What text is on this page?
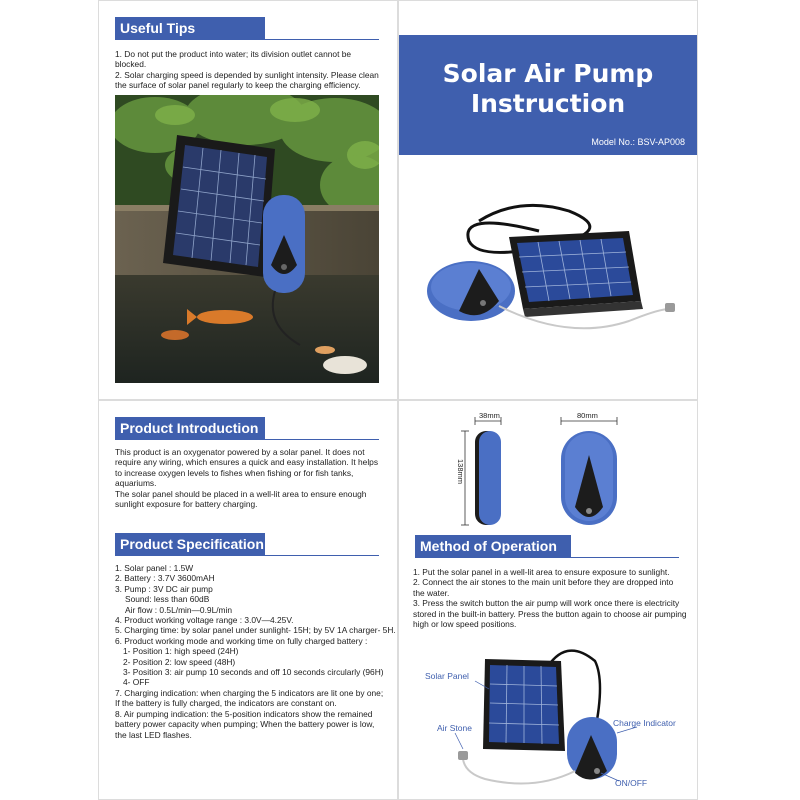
Useful Tips
1. Do not put the product into water; its division outlet cannot be blocked.
2. Solar charging speed is depended by sunlight intensity. Please clean
the surface of solar panel regularly to keep the charging efficiency.	Solar Air Pump
Instruction
Model No.: BSV-AP008
Product Introduction
This product is an oxygenator powered by a solar panel. It does not
require any wiring, which ensures a quick and easy installation. It helps
to increase oxygen levels to fishes when fishing or for fish tanks, aquariums.
The solar panel should be placed in a well-lit area to ensure enough
sunlight exposure for battery charging.
Product Specification
1. Solar panel : 1.5W
2. Battery : 3.7V 3600mAH
3. Pump : 3V DC air pump
Sound: less than 60dB
Air flow : 0.5L/min—0.9L/min
4. Product working voltage range : 3.0V—4.25V.
5. Charging time: by solar panel under sunlight- 15H; by 5V 1A charger- 5H.
6. Product working mode and working time on fully charged battery :
1- Position 1: high speed (24H)
2- Position 2: low speed (48H)
3- Position 3: air pump 10 seconds and off 10 seconds circularly (96H)
4- OFF
7. Charging indication: when charging the 5 indicators are lit one by one;
If the battery is fully charged, the indicators are constant on.
8. Air pumping indication: the 5-position indicators show the remained
battery power capacity when pumping; When the battery power is low,
the last LED flashes.
38mm
138mm
80mm
Method of Operation
1. Put the solar panel in a well-lit area to ensure exposure to sunlight.
2. Connect the air stones to the main unit before they are dropped into
the water.
3. Press the switch button the air pump will work once there is electricity
stored in the built-in battery. Press the button again to choose air pumping
high or low speed positions.
Solar Panel
Air Stone	Charge Indicator
ON/OFF
